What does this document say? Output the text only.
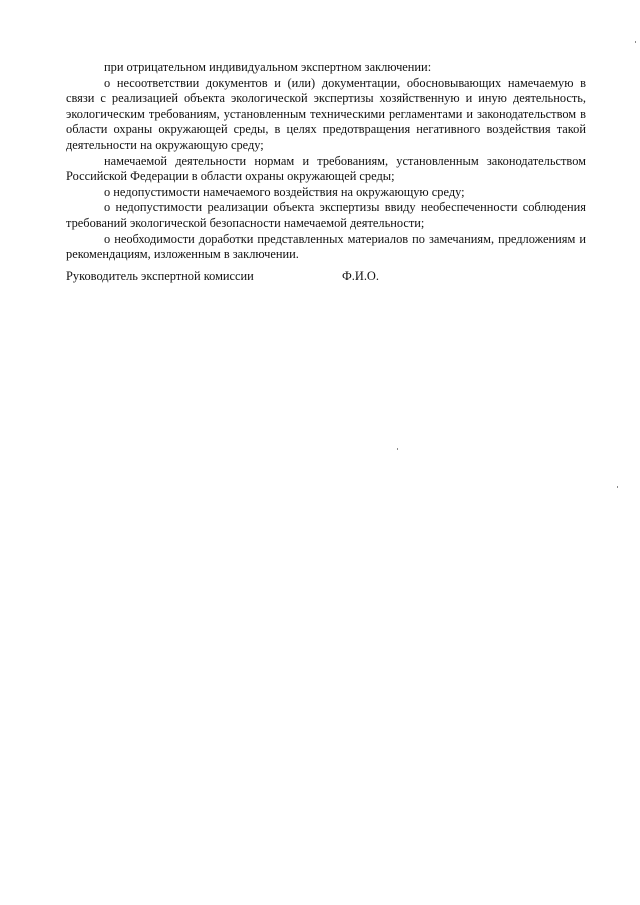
при отрицательном индивидуальном экспертном заключении:

о несоответствии документов и (или) документации, обосновывающих намечаемую в связи с реализацией объекта экологической экспертизы хозяйственную и иную деятельность, экологическим требованиям, установленным техническими регламентами и законодательством в области охраны окружающей среды, в целях предотвращения негативного воздействия такой деятельности на окружающую среду;

намечаемой деятельности нормам и требованиям, установленным законодательством Российской Федерации в области охраны окружающей среды;

о недопустимости намечаемого воздействия на окружающую среду;

о недопустимости реализации объекта экспертизы ввиду необеспеченности соблюдения требований экологической безопасности намечаемой деятельности;

о необходимости доработки представленных материалов по замечаниям, предложениям и рекомендациям, изложенным в заключении.

Руководитель экспертной комиссии	Ф.И.О.
